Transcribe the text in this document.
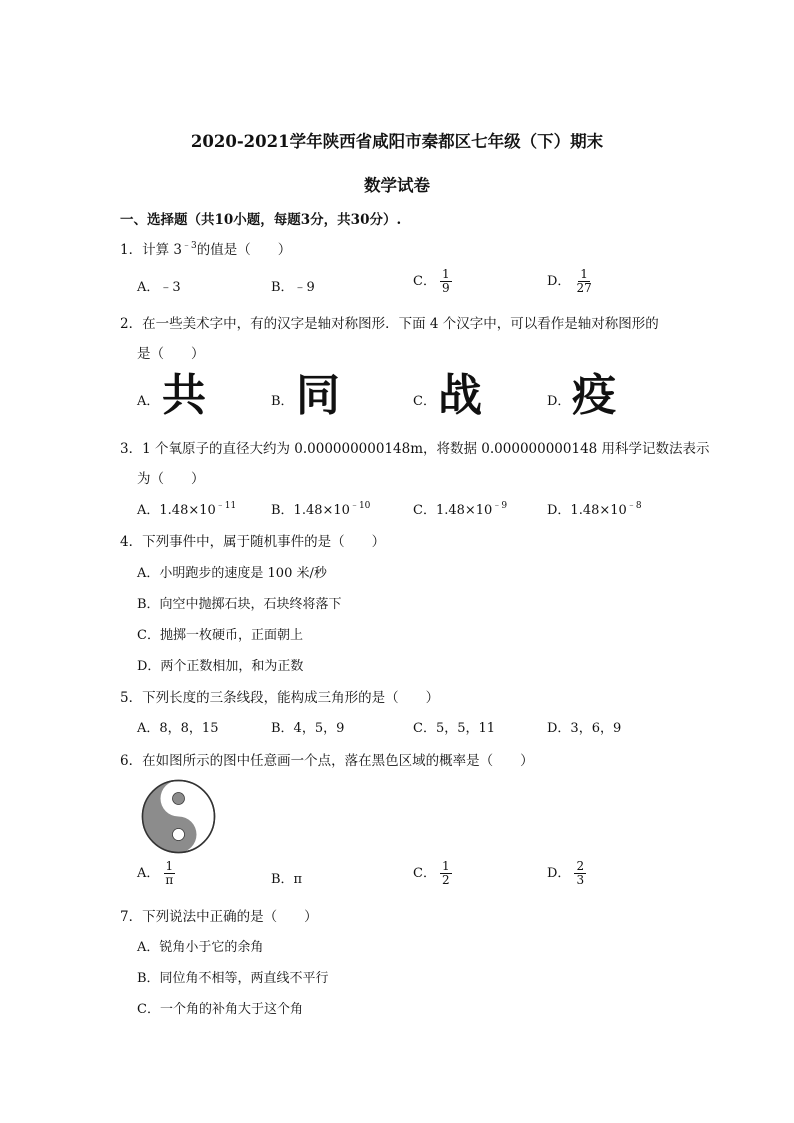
2020-2021学年陕西省咸阳市秦都区七年级（下）期末
数学试卷
一、选择题（共10小题，每题3分，共30分）.
1．计算 $3^{﹣3}$的值是（　　）
A．﹣3	B．﹣9	C． $\frac{1}{9}$	D． $\frac{1}{27}$
2．在一些美术字中，有的汉字是轴对称图形．下面 4 个汉字中，可以看作是轴对称图形的
是（　　）
A． 共	B． 同	C． 战	D． 疫
3．1 个氧原子的直径大约为 0.000000000148m，将数据 0.000000000148 用科学记数法表示
为（　　）
A．$1.48\times 10^{﹣11}$	B．$1.48\times 10^{﹣10}$	C．$1.48\times 10^{﹣9}$	D．$1.48\times 10^{﹣8}$
4．下列事件中，属于随机事件的是（　　）
A．小明跑步的速度是 100 米/秒
B．向空中抛掷石块，石块终将落下
C．抛掷一枚硬币，正面朝上
D．两个正数相加，和为正数
5．下列长度的三条线段，能构成三角形的是（　　）
A．8，8，15	B．4，5，9	C．5，5，11	D．3，6，9
6．在如图所示的图中任意画一个点，落在黑色区域的概率是（　　）
A． $\frac{1}{\pi}$	B．π	C． $\frac{1}{2}$	D． $\frac{2}{3}$
7．下列说法中正确的是（　　）
A．锐角小于它的余角
B．同位角不相等，两直线不平行
C．一个角的补角大于这个角
